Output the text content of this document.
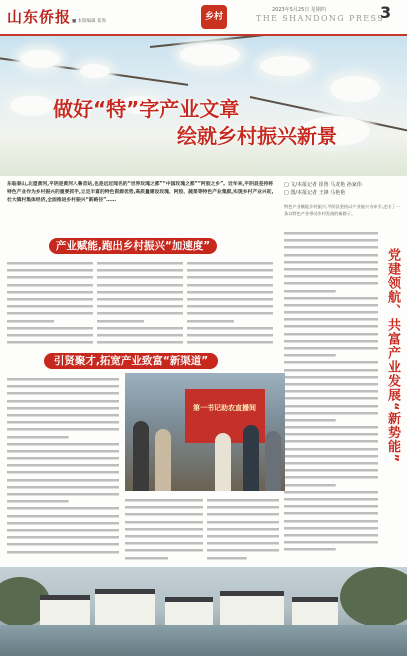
山东侨报

■ 本版编辑 崔鲁

	乡村
2023年5月25日 星期四
THE SHANDONG PRESS
3
做好“特”字产业文章
绘就乡村振兴新景
东临泰山,北望黄河,平阴是黄河入鲁首站,也是远近闻名的“世界玫瑰之都”“中国玫瑰之都”“阿胶之乡”。近年来,平阴县坚持将特色产业作为乡村振兴的重要抓手,立足丰富的特色资源优势,高质量建设玫瑰、阿胶、蔬菜等特色产业集群,实现乡村产业兴旺,壮大镇村集体经济,全面推进乡村振兴“新路径”……
□ 文/本报记者 崔鲁 马龙艳 孙家伟
□ 图/本报记者 王锋 马艳艳
特色产业赋能乡村振兴,平阴县坚持以产业振兴为牵引,走出了一条以特色产业带动乡村发展的新路子。
党建领航、共富产业发展“新势能”
产业赋能,跑出乡村振兴“加速度”
引贤聚才,拓宽产业致富“新渠道”
第一书记助农直播间
